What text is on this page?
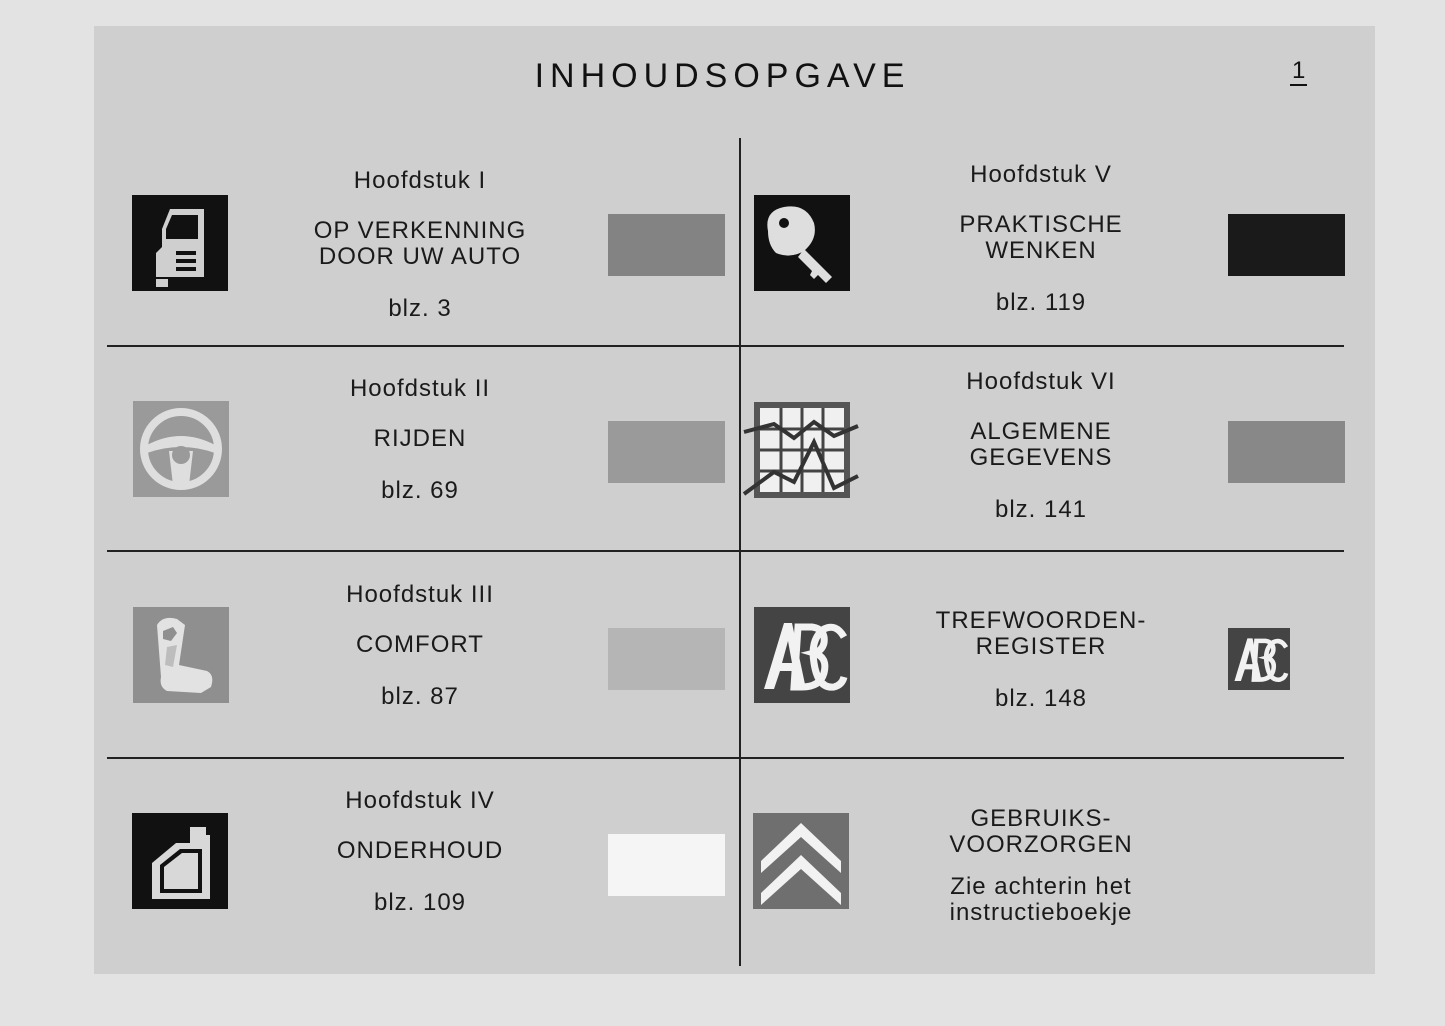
INHOUDSOPGAVE	1
Hoofdstuk I
OP VERKENNING
DOOR UW AUTO
blz. 3
Hoofdstuk II
RIJDEN
blz. 69
Hoofdstuk III
COMFORT
blz. 87
Hoofdstuk IV
ONDERHOUD
blz. 109
Hoofdstuk V
PRAKTISCHE
WENKEN
blz. 119
Hoofdstuk VI
ALGEMENE
GEGEVENS
blz. 141
TREFWOORDEN-
REGISTER
blz. 148
GEBRUIKS-
VOORZORGEN
Zie achterin het
instructieboekje
